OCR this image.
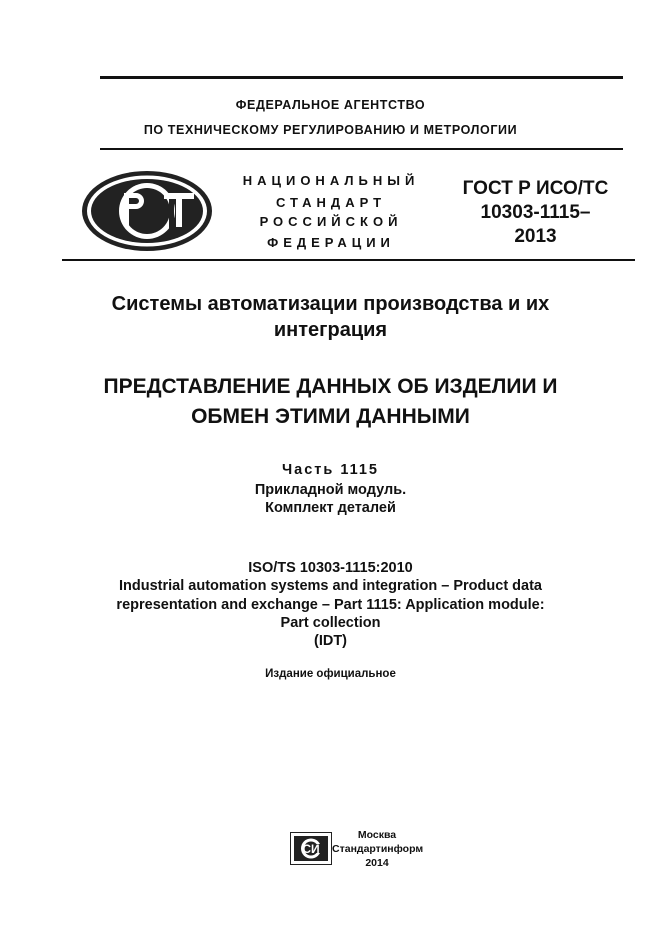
ФЕДЕРАЛЬНОЕ АГЕНТСТВО
ПО ТЕХНИЧЕСКОМУ РЕГУЛИРОВАНИЮ И МЕТРОЛОГИИ
НАЦИОНАЛЬНЫЙ
СТАНДАРТ
РОССИЙСКОЙ
ФЕДЕРАЦИИ
ГОСТ Р ИСО/ТС
10303-1115–
2013
Системы автоматизации производства и их
интеграция
ПРЕДСТАВЛЕНИЕ ДАННЫХ ОБ ИЗДЕЛИИ И
ОБМЕН ЭТИМИ ДАННЫМИ
Часть 1115
Прикладной модуль.
Комплект деталей
ISO/TS 10303-1115:2010
Industrial automation systems and integration – Product data
representation and exchange – Part 1115: Application module:
Part collection
(IDT)
Издание официальное
СИ
Москва
Стандартинформ
2014
